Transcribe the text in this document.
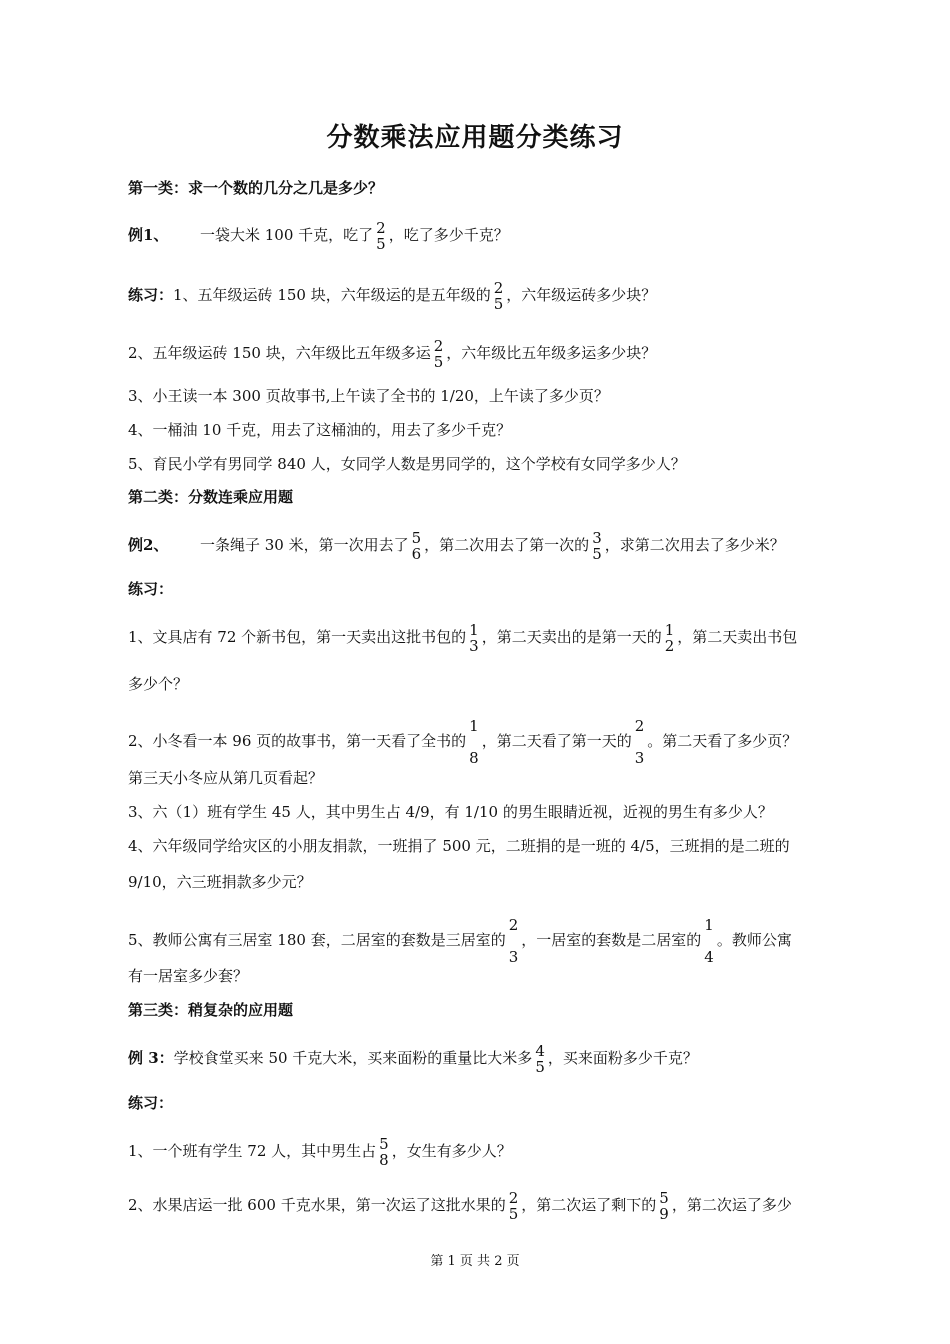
分数乘法应用题分类练习
第一类：求一个数的几分之几是多少？
例1、 一袋大米 100 千克，吃了 2
5 ，吃了多少千克？
练习：1、五年级运砖 150 块，六年级运的是五年级的 2
5 ，六年级运砖多少块？
2、五年级运砖 150 块，六年级比五年级多运 2
5 ，六年级比五年级多运多少块？
3、小王读一本 300 页故事书,上午读了全书的 1/20，上午读了多少页？
4、一桶油 10 千克，用去了这桶油的，用去了多少千克？
5、育民小学有男同学 840 人，女同学人数是男同学的，这个学校有女同学多少人？
第二类：分数连乘应用题
例2、 一条绳子 30 米，第一次用去了 5
6 ，第二次用去了第一次的 3
5 ，求第二次用去了多少米？
练习：
1、文具店有 72 个新书包，第一天卖出这批书包的 1
3 ，第二天卖出的是第一天的 1
2 ，第二天卖出书包
多少个？
2、小冬看一本 96 页的故事书，第一天看了全书的
1
8
，第二天看了第一天的
2
3
。第二天看了多少页？
第三天小冬应从第几页看起？
3、六（1）班有学生 45 人，其中男生占 4/9，有 1/10 的男生眼睛近视，近视的男生有多少人？
4、六年级同学给灾区的小朋友捐款，一班捐了 500 元，二班捐的是一班的 4/5，三班捐的是二班的
9/10，六三班捐款多少元？
5、教师公寓有三居室 180 套，二居室的套数是三居室的
2
3
，一居室的套数是二居室的
1
4
。教师公寓
有一居室多少套？
第三类：稍复杂的应用题
例 3：学校食堂买来 50 千克大米，买来面粉的重量比大米多 4
5 ，买来面粉多少千克？
练习：
1、一个班有学生 72 人，其中男生占 5
8 ，女生有多少人？
2、水果店运一批 600 千克水果，第一次运了这批水果的 2
5 ，第二次运了剩下的 5
9 ，第二次运了多少
第 1 页 共 2 页
